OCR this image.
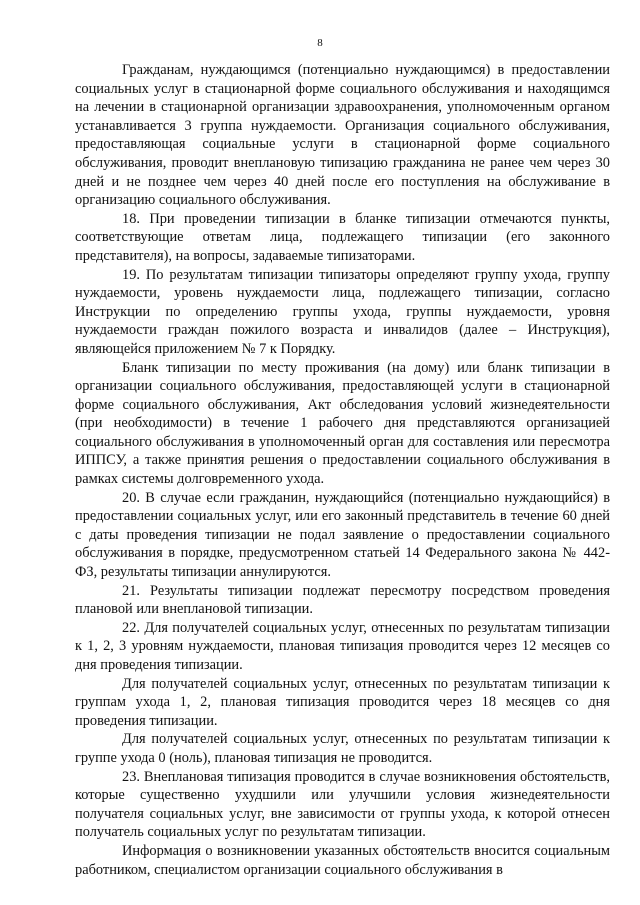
8

Гражданам, нуждающимся (потенциально нуждающимся) в предоставлении социальных услуг в стационарной форме социального обслуживания и находящимся на лечении в стационарной организации здравоохранения, уполномоченным органом устанавливается 3 группа нуждаемости. Организация социального обслуживания, предоставляющая социальные услуги в стационарной форме социального обслуживания, проводит внеплановую типизацию гражданина не ранее чем через 30 дней и не позднее чем через 40 дней после его поступления на обслуживание в организацию социального обслуживания.

18. При проведении типизации в бланке типизации отмечаются пункты, соответствующие ответам лица, подлежащего типизации (его законного представителя), на вопросы, задаваемые типизаторами.

19. По результатам типизации типизаторы определяют группу ухода, группу нуждаемости, уровень нуждаемости лица, подлежащего типизации, согласно Инструкции по определению группы ухода, группы нуждаемости, уровня нуждаемости граждан пожилого возраста и инвалидов (далее – Инструкция), являющейся приложением № 7 к Порядку.

Бланк типизации по месту проживания (на дому) или бланк типизации в организации социального обслуживания, предоставляющей услуги в стационарной форме социального обслуживания, Акт обследования условий жизнедеятельности (при необходимости) в течение 1 рабочего дня представляются организацией социального обслуживания в уполномоченный орган для составления или пересмотра ИППСУ, а также принятия решения о предоставлении социального обслуживания в рамках системы долговременного ухода.

20. В случае если гражданин, нуждающийся (потенциально нуждающийся) в предоставлении социальных услуг, или его законный представитель в течение 60 дней с даты проведения типизации не подал заявление о предоставлении социального обслуживания в порядке, предусмотренном статьей 14 Федерального закона № 442-ФЗ, результаты типизации аннулируются.

21. Результаты типизации подлежат пересмотру посредством проведения плановой или внеплановой типизации.

22. Для получателей социальных услуг, отнесенных по результатам типизации к 1, 2, 3 уровням нуждаемости, плановая типизация проводится через 12 месяцев со дня проведения типизации.

Для получателей социальных услуг, отнесенных по результатам типизации к группам ухода 1, 2, плановая типизация проводится через 18 месяцев со дня проведения типизации.

Для получателей социальных услуг, отнесенных по результатам типизации к группе ухода 0 (ноль), плановая типизация не проводится.

23. Внеплановая типизация проводится в случае возникновения обстоятельств, которые существенно ухудшили или улучшили условия жизнедеятельности получателя социальных услуг, вне зависимости от группы ухода, к которой отнесен получатель социальных услуг по результатам типизации.

Информация о возникновении указанных обстоятельств вносится социальным работником, специалистом организации социального обслуживания в
